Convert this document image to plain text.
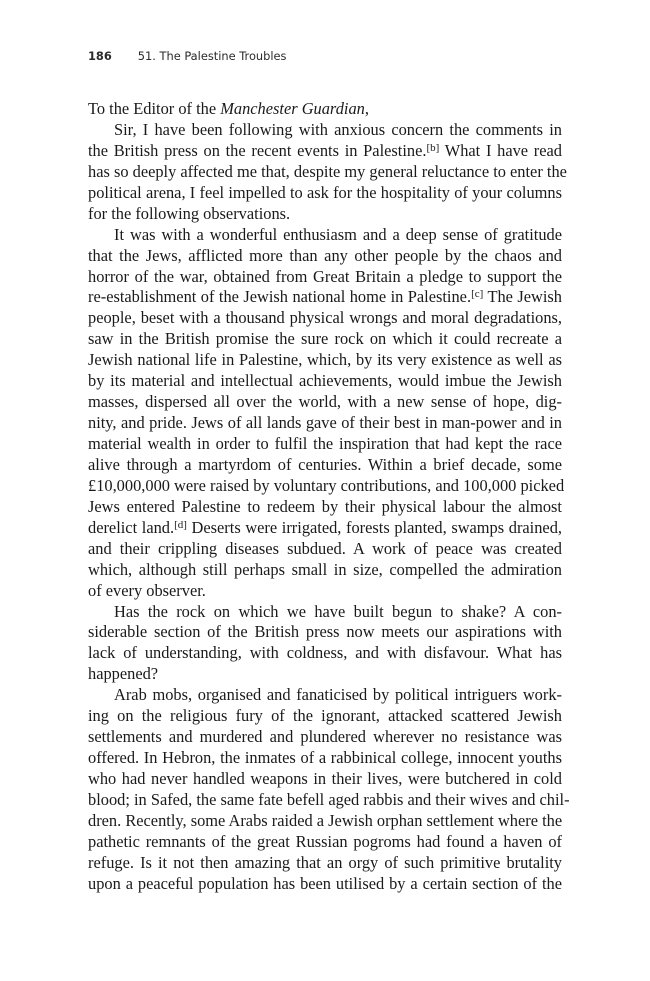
186 51. The Palestine Troubles
To the Editor of the Manchester Guardian,
Sir, I have been following with anxious concern the comments in
the British press on the recent events in Palestine.[b] What I have read
has so deeply affected me that, despite my general reluctance to enter the
political arena, I feel impelled to ask for the hospitality of your columns
for the following observations.
It was with a wonderful enthusiasm and a deep sense of gratitude
that the Jews, afflicted more than any other people by the chaos and
horror of the war, obtained from Great Britain a pledge to support the
re-establishment of the Jewish national home in Palestine.[c] The Jewish
people, beset with a thousand physical wrongs and moral degradations,
saw in the British promise the sure rock on which it could recreate a
Jewish national life in Palestine, which, by its very existence as well as
by its material and intellectual achievements, would imbue the Jewish
masses, dispersed all over the world, with a new sense of hope, dig-
nity, and pride. Jews of all lands gave of their best in man-power and in
material wealth in order to fulfil the inspiration that had kept the race
alive through a martyrdom of centuries. Within a brief decade, some
£10,000,000 were raised by voluntary contributions, and 100,000 picked
Jews entered Palestine to redeem by their physical labour the almost
derelict land.[d] Deserts were irrigated, forests planted, swamps drained,
and their crippling diseases subdued. A work of peace was created
which, although still perhaps small in size, compelled the admiration
of every observer.
Has the rock on which we have built begun to shake? A con-
siderable section of the British press now meets our aspirations with
lack of understanding, with coldness, and with disfavour. What has
happened?
Arab mobs, organised and fanaticised by political intriguers work-
ing on the religious fury of the ignorant, attacked scattered Jewish
settlements and murdered and plundered wherever no resistance was
offered. In Hebron, the inmates of a rabbinical college, innocent youths
who had never handled weapons in their lives, were butchered in cold
blood; in Safed, the same fate befell aged rabbis and their wives and chil-
dren. Recently, some Arabs raided a Jewish orphan settlement where the
pathetic remnants of the great Russian pogroms had found a haven of
refuge. Is it not then amazing that an orgy of such primitive brutality
upon a peaceful population has been utilised by a certain section of the
